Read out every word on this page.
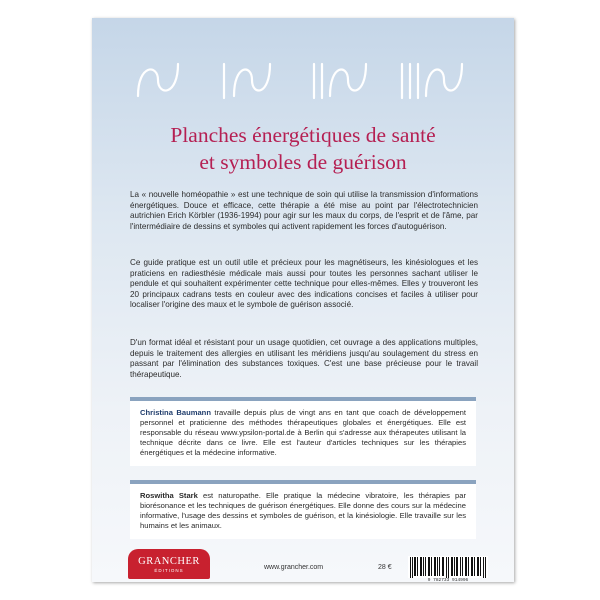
Planches énergétiques de santé
et symboles de guérison

La « nouvelle homéopathie » est une technique de soin qui utilise la transmission d'informations énergétiques. Douce et efficace, cette thérapie a été mise au point par l'électrotechnicien autrichien Erich Körbler (1936-1994) pour agir sur les maux du corps, de l'esprit et de l'âme, par l'intermédiaire de dessins et symboles qui activent rapidement les forces d'autoguérison.

Ce guide pratique est un outil utile et précieux pour les magnétiseurs, les kinésiologues et les praticiens en radiesthésie médicale mais aussi pour toutes les personnes sachant utiliser le pendule et qui souhaitent expérimenter cette technique pour elles-mêmes. Elles y trouveront les 20 principaux cadrans tests en couleur avec des indications concises et faciles à utiliser pour localiser l'origine des maux et le symbole de guérison associé.

D'un format idéal et résistant pour un usage quotidien, cet ouvrage a des applications multiples, depuis le traitement des allergies en utilisant les méridiens jusqu'au soulagement du stress en passant par l'élimination des substances toxiques. C'est une base précieuse pour le travail thérapeutique.

Christina Baumann travaille depuis plus de vingt ans en tant que coach de développement personnel et praticienne des méthodes thérapeutiques globales et énergétiques. Elle est responsable du réseau www.ypsilon-portal.de à Berlin qui s'adresse aux thérapeutes utilisant la technique décrite dans ce livre. Elle est l'auteur d'articles techniques sur les thérapies énergétiques et la médecine informative.
Roswitha Stark est naturopathe. Elle pratique la médecine vibratoire, les thérapies par biorésonance et les techniques de guérison énergétiques. Elle donne des cours sur la médecine informative, l'usage des dessins et symboles de guérison, et la kinésiologie. Elle travaille sur les humains et les animaux.
GRANCHER
ÉDITIONS	www.grancher.com	28 €
9 782733 914996
